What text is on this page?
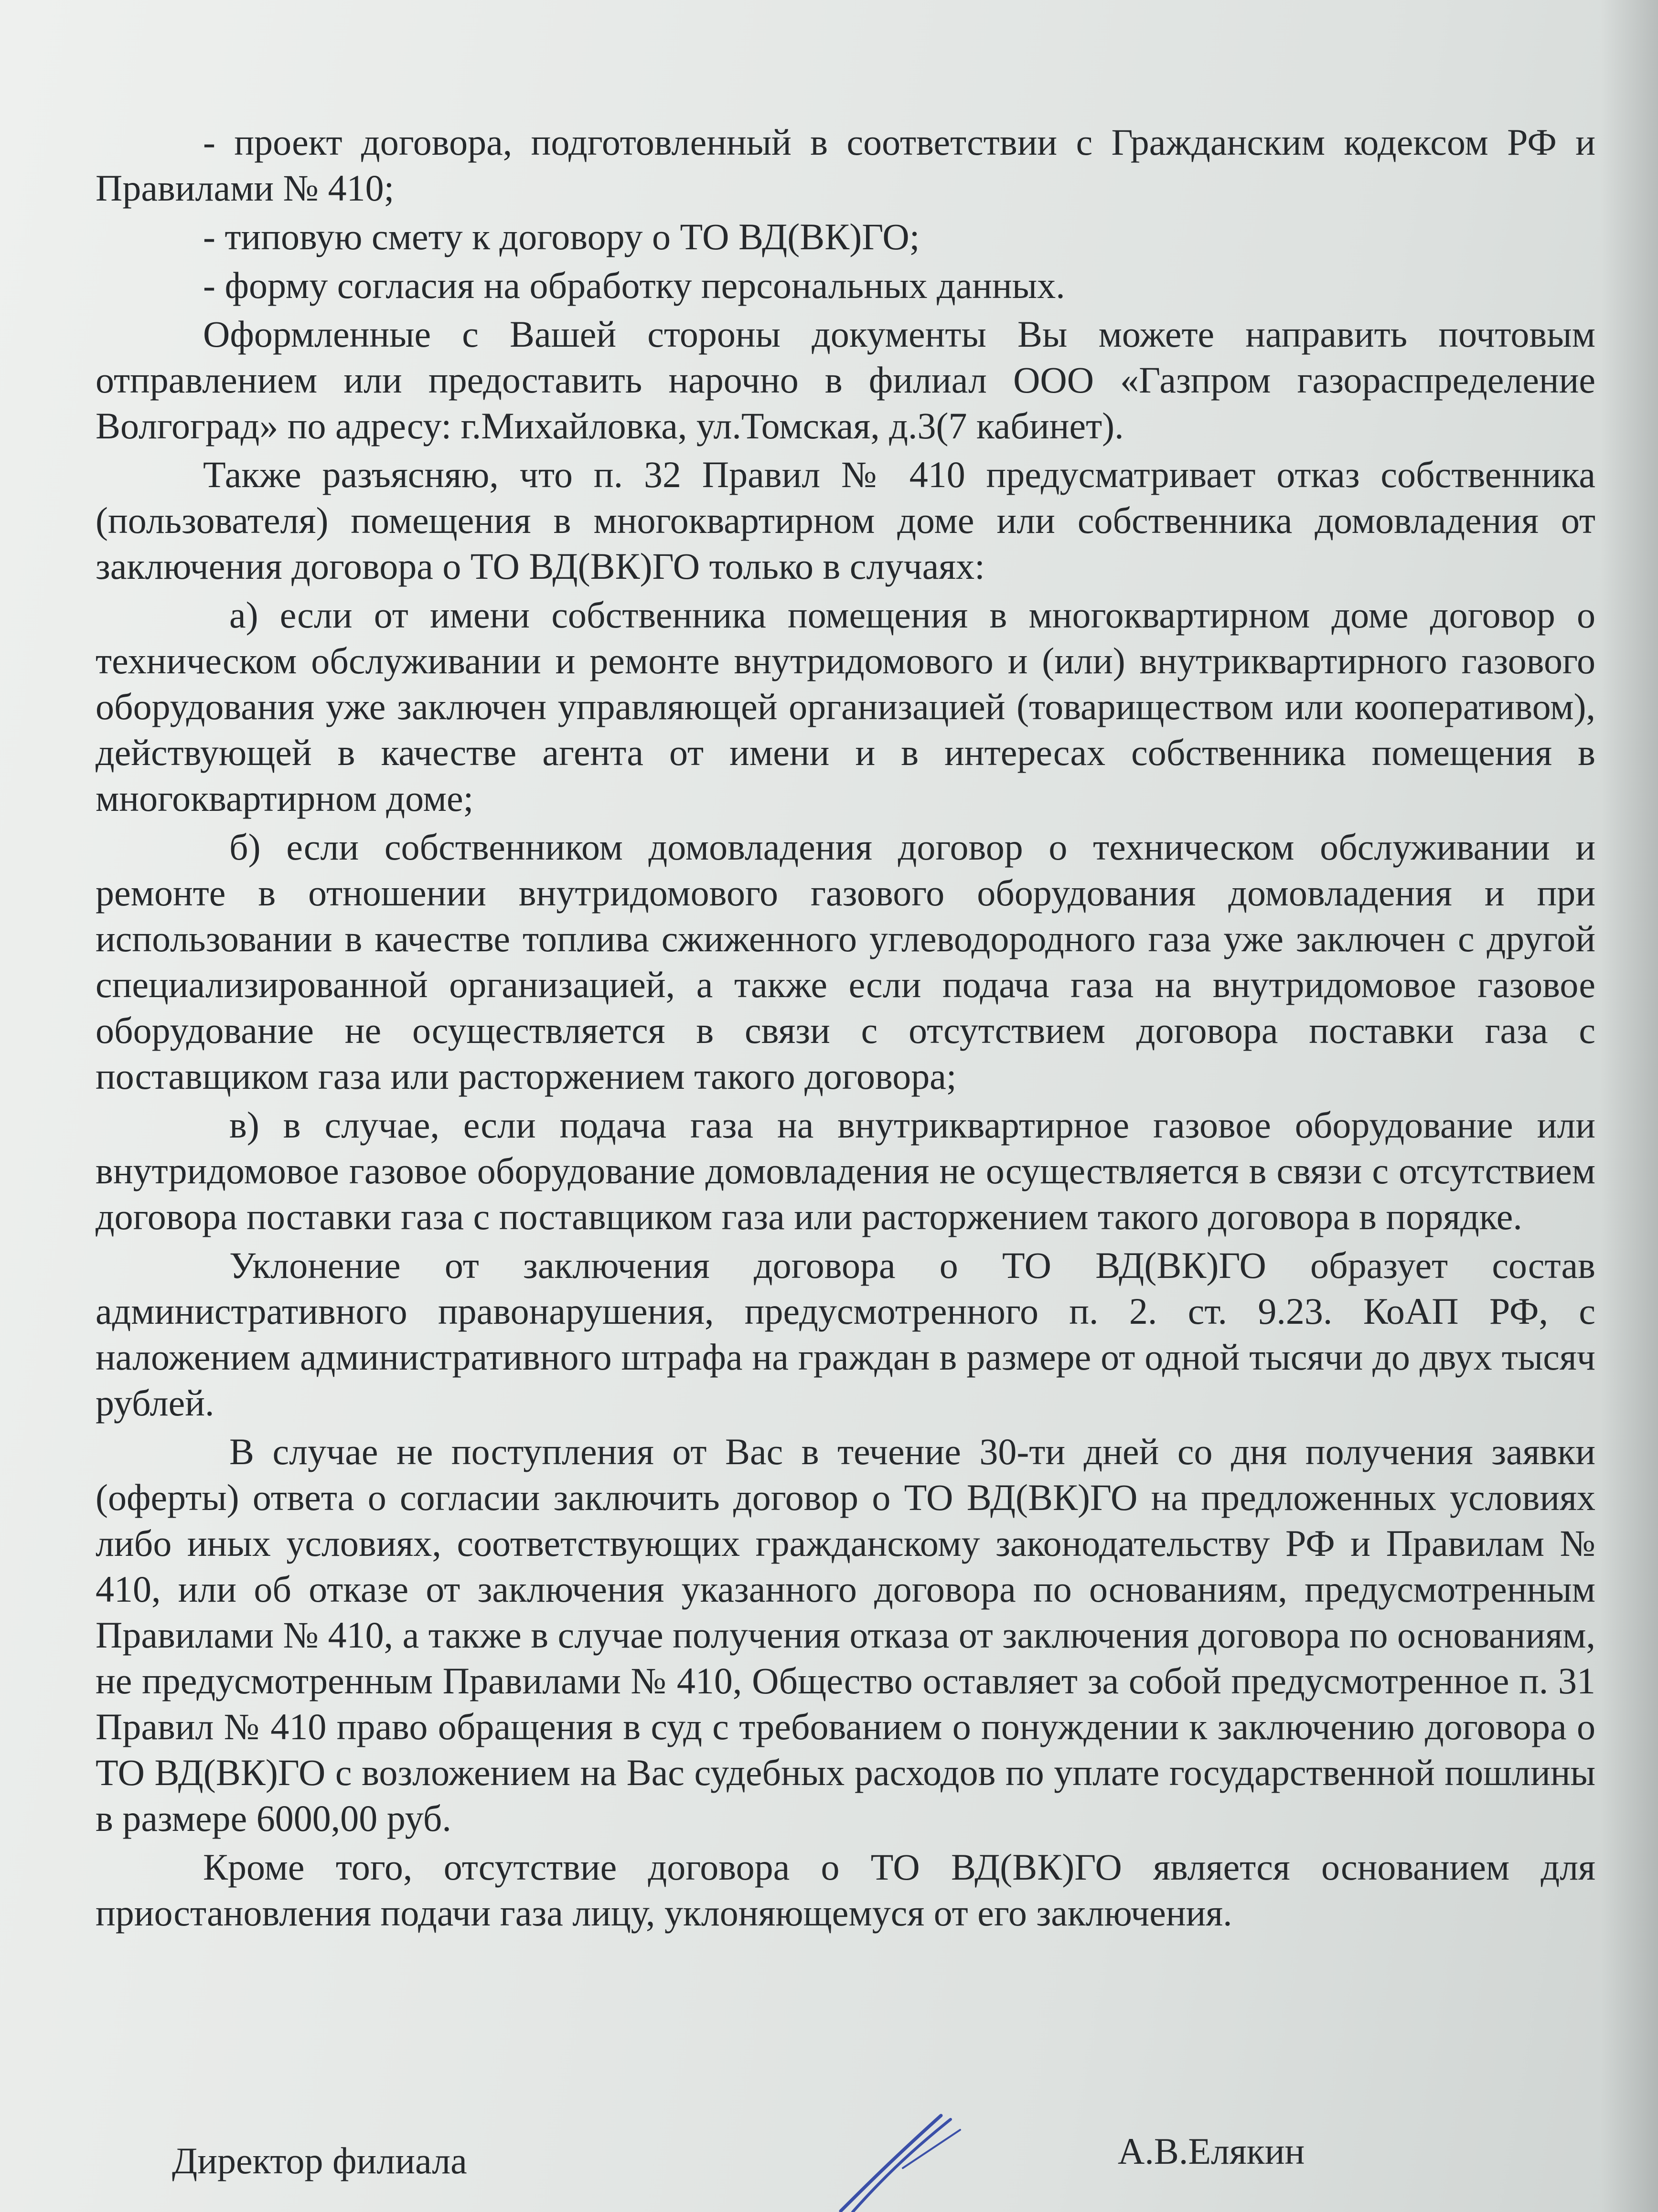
- проект договора, подготовленный в соответствии с Гражданским кодексом РФ и Правилами № 410;

- типовую смету к договору о ТО ВД(ВК)ГО;

- форму согласия на обработку персональных данных.

Оформленные с Вашей стороны документы Вы можете направить почтовым отправлением или предоставить нарочно в филиал ООО «Газпром газораспределение Волгоград» по адресу: г.Михайловка, ул.Томская, д.3(7 кабинет).

Также разъясняю, что п. 32 Правил № 410 предусматривает отказ собственника (пользователя) помещения в многоквартирном доме или собственника домовладения от заключения договора о ТО ВД(ВК)ГО только в случаях:

а) если от имени собственника помещения в многоквартирном доме договор о техническом обслуживании и ремонте внутридомового и (или) внутриквартирного газового оборудования уже заключен управляющей организацией (товариществом или кооперативом), действующей в качестве агента от имени и в интересах собственника помещения в многоквартирном доме;

б) если собственником домовладения договор о техническом обслуживании и ремонте в отношении внутридомового газового оборудования домовладения и при использовании в качестве топлива сжиженного углеводородного газа уже заключен с другой специализированной организацией, а также если подача газа на внутридомовое газовое оборудование не осуществляется в связи с отсутствием договора поставки газа с поставщиком газа или расторжением такого договора;

в) в случае, если подача газа на внутриквартирное газовое оборудование или внутридомовое газовое оборудование домовладения не осуществляется в связи с отсутствием договора поставки газа с поставщиком газа или расторжением такого договора в порядке.

Уклонение от заключения договора о ТО ВД(ВК)ГО образует состав административного правонарушения, предусмотренного п. 2. ст. 9.23. КоАП РФ, с наложением административного штрафа на граждан в размере от одной тысячи до двух тысяч рублей.

В случае не поступления от Вас в течение 30-ти дней со дня получения заявки (оферты) ответа о согласии заключить договор о ТО ВД(ВК)ГО на предложенных условиях либо иных условиях, соответствующих гражданскому законодательству РФ и Правилам № 410, или об отказе от заключения указанного договора по основаниям, предусмотренным Правилами № 410, а также в случае получения отказа от заключения договора по основаниям, не предусмотренным Правилами № 410, Общество оставляет за собой предусмотренное п. 31 Правил № 410 право обращения в суд с требованием о понуждении к заключению договора о ТО ВД(ВК)ГО с возложением на Вас судебных расходов по уплате государственной пошлины в размере 6000,00 руб.

Кроме того, отсутствие договора о ТО ВД(ВК)ГО является основанием для приостановления подачи газа лицу, уклоняющемуся от его заключения.

Директор филиала	А.В.Елякин
